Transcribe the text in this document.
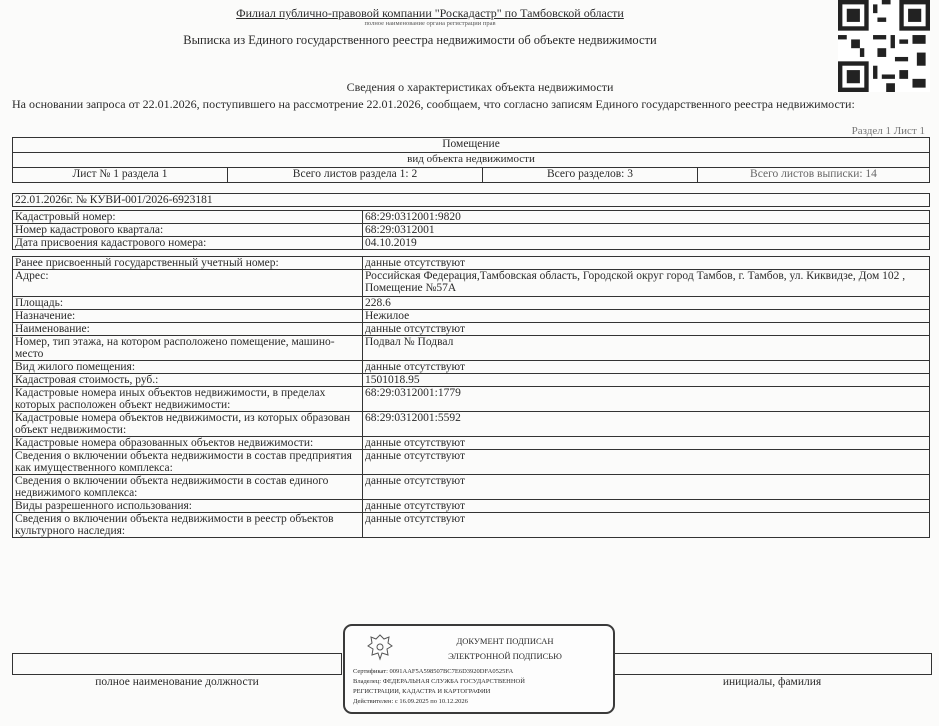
Филиал публично-правовой компании "Роскадастр" по Тамбовской области
полное наименование органа регистрации прав
Выписка из Единого государственного реестра недвижимости об объекте недвижимости
Сведения о характеристиках объекта недвижимости
На основании запроса от 22.01.2026, поступившего на рассмотрение 22.01.2026, сообщаем, что согласно записям Единого государственного реестра недвижимости:
Раздел 1 Лист 1
Помещение
вид объекта недвижимости
Лист № 1 раздела 1	Всего листов раздела 1: 2	Всего разделов: 3	Всего листов выписки: 14
22.01.2026г. № КУВИ-001/2026-6923181
Кадастровый номер:	68:29:0312001:9820
Номер кадастрового квартала:	68:29:0312001
Дата присвоения кадастрового номера:	04.10.2019

Ранее присвоенный государственный учетный номер:	данные отсутствуют
Адрес:	Российская Федерация,Тамбовская область, Городской округ город Тамбов, г. Тамбов, ул. Киквидзе, Дом 102 , Помещение №57А
Площадь:	228.6
Назначение:	Нежилое
Наименование:	данные отсутствуют
Номер, тип этажа, на котором расположено помещение, машино-место	Подвал № Подвал
Вид жилого помещения:	данные отсутствуют
Кадастровая стоимость, руб.:	1501018.95
Кадастровые номера иных объектов недвижимости, в пределах которых расположен объект недвижимости:	68:29:0312001:1779
Кадастровые номера объектов недвижимости, из которых образован объект недвижимости:	68:29:0312001:5592
Кадастровые номера образованных объектов недвижимости:	данные отсутствуют
Сведения о включении объекта недвижимости в состав предприятия как имущественного комплекса:	данные отсутствуют
Сведения о включении объекта недвижимости в состав единого недвижимого комплекса:	данные отсутствуют
Виды разрешенного использования:	данные отсутствуют
Сведения о включении объекта недвижимости в реестр объектов культурного наследия:	данные отсутствуют
полное наименование должности	инициалы, фамилия
ДОКУМЕНТ ПОДПИСАН
ЭЛЕКТРОННОЙ ПОДПИСЬЮ
Сертификат: 0091AAF5A598507BC7E6D3920DFA0525FA
Владелец: ФЕДЕРАЛЬНАЯ СЛУЖБА ГОСУДАРСТВЕННОЙ
РЕГИСТРАЦИИ, КАДАСТРА И КАРТОГРАФИИ
Действителен: с 16.09.2025 по 10.12.2026
